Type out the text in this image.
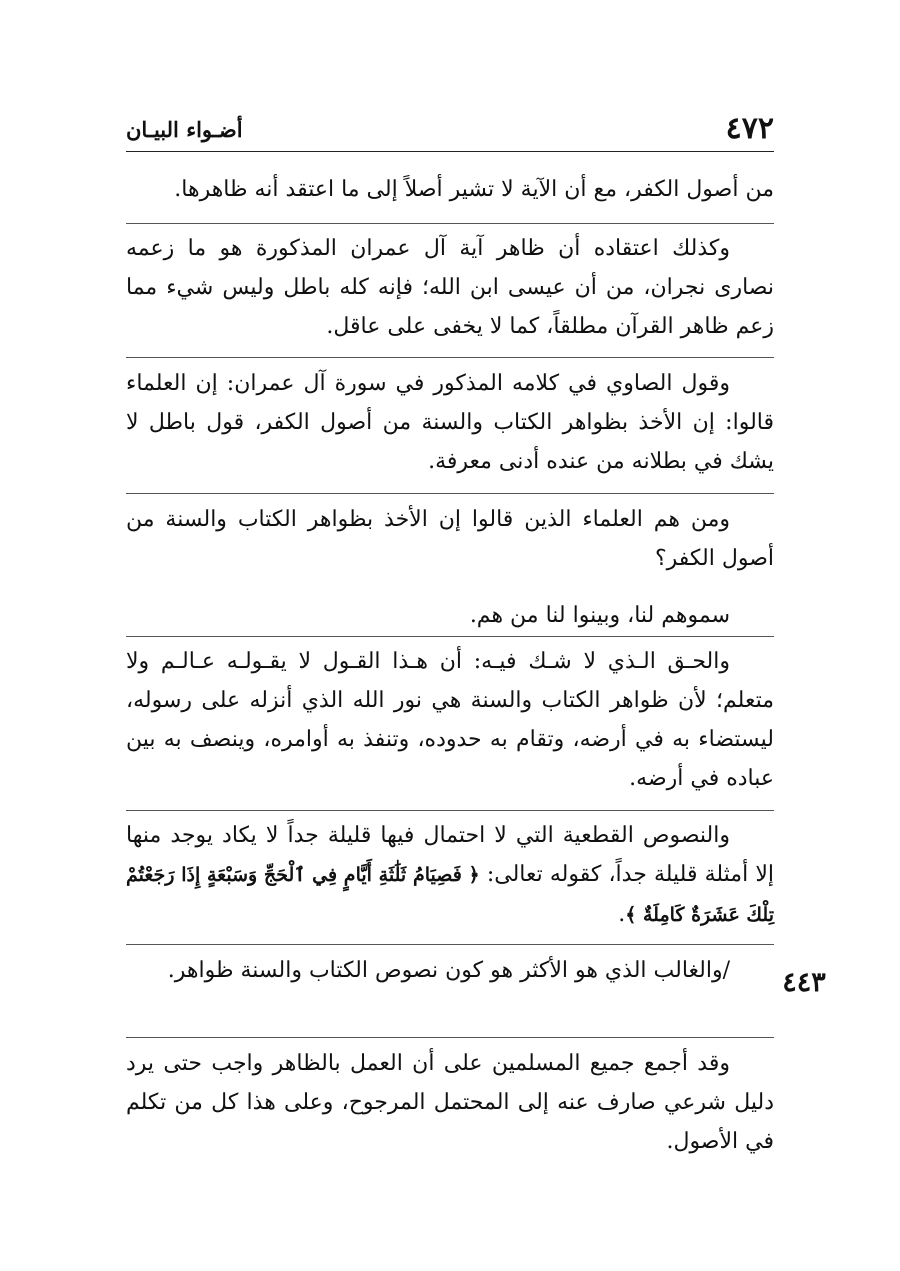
٤٧٢
أضـواء البيـان

من أصول الكفر، مع أن الآية لا تشير أصلاً إلى ما اعتقد أنه ظاهرها.

وكذلك اعتقاده أن ظاهر آية آل عمران المذكورة هو ما زعمه نصارى نجران، من أن عيسى ابن الله؛ فإنه كله باطل وليس شيء مما زعم ظاهر القرآن مطلقاً، كما لا يخفى على عاقل.

وقول الصاوي في كلامه المذكور في سورة آل عمران: إن العلماء قالوا: إن الأخذ بظواهر الكتاب والسنة من أصول الكفر، قول باطل لا يشك في بطلانه من عنده أدنى معرفة.

ومن هم العلماء الذين قالوا إن الأخذ بظواهر الكتاب والسنة من أصول الكفر؟

سموهم لنا، وبينوا لنا من هم.

والحـق الـذي لا شـك فيـه: أن هـذا القـول لا يقـولـه عـالـم ولا متعلم؛ لأن ظواهر الكتاب والسنة هي نور الله الذي أنزله على رسوله، ليستضاء به في أرضه، وتقام به حدوده، وتنفذ به أوامره، وينصف به بين عباده في أرضه.

والنصوص القطعية التي لا احتمال فيها قليلة جداً لا يكاد يوجد منها إلا أمثلة قليلة جداً، كقوله تعالى: ﴿ فَصِيَامُ ثَلَٰثَةِ أَيَّامٍ فِي ٱلْحَجِّ وَسَبْعَةٍ إِذَا رَجَعْتُمْ تِلْكَ عَشَرَةٌ كَامِلَةٌ ﴾.

/والغالب الذي هو الأكثر هو كون نصوص الكتاب والسنة ظواهر.

وقد أجمع جميع المسلمين على أن العمل بالظاهر واجب حتى يرد دليل شرعي صارف عنه إلى المحتمل المرجوح، وعلى هذا كل من تكلم في الأصول.

٤٤٣
